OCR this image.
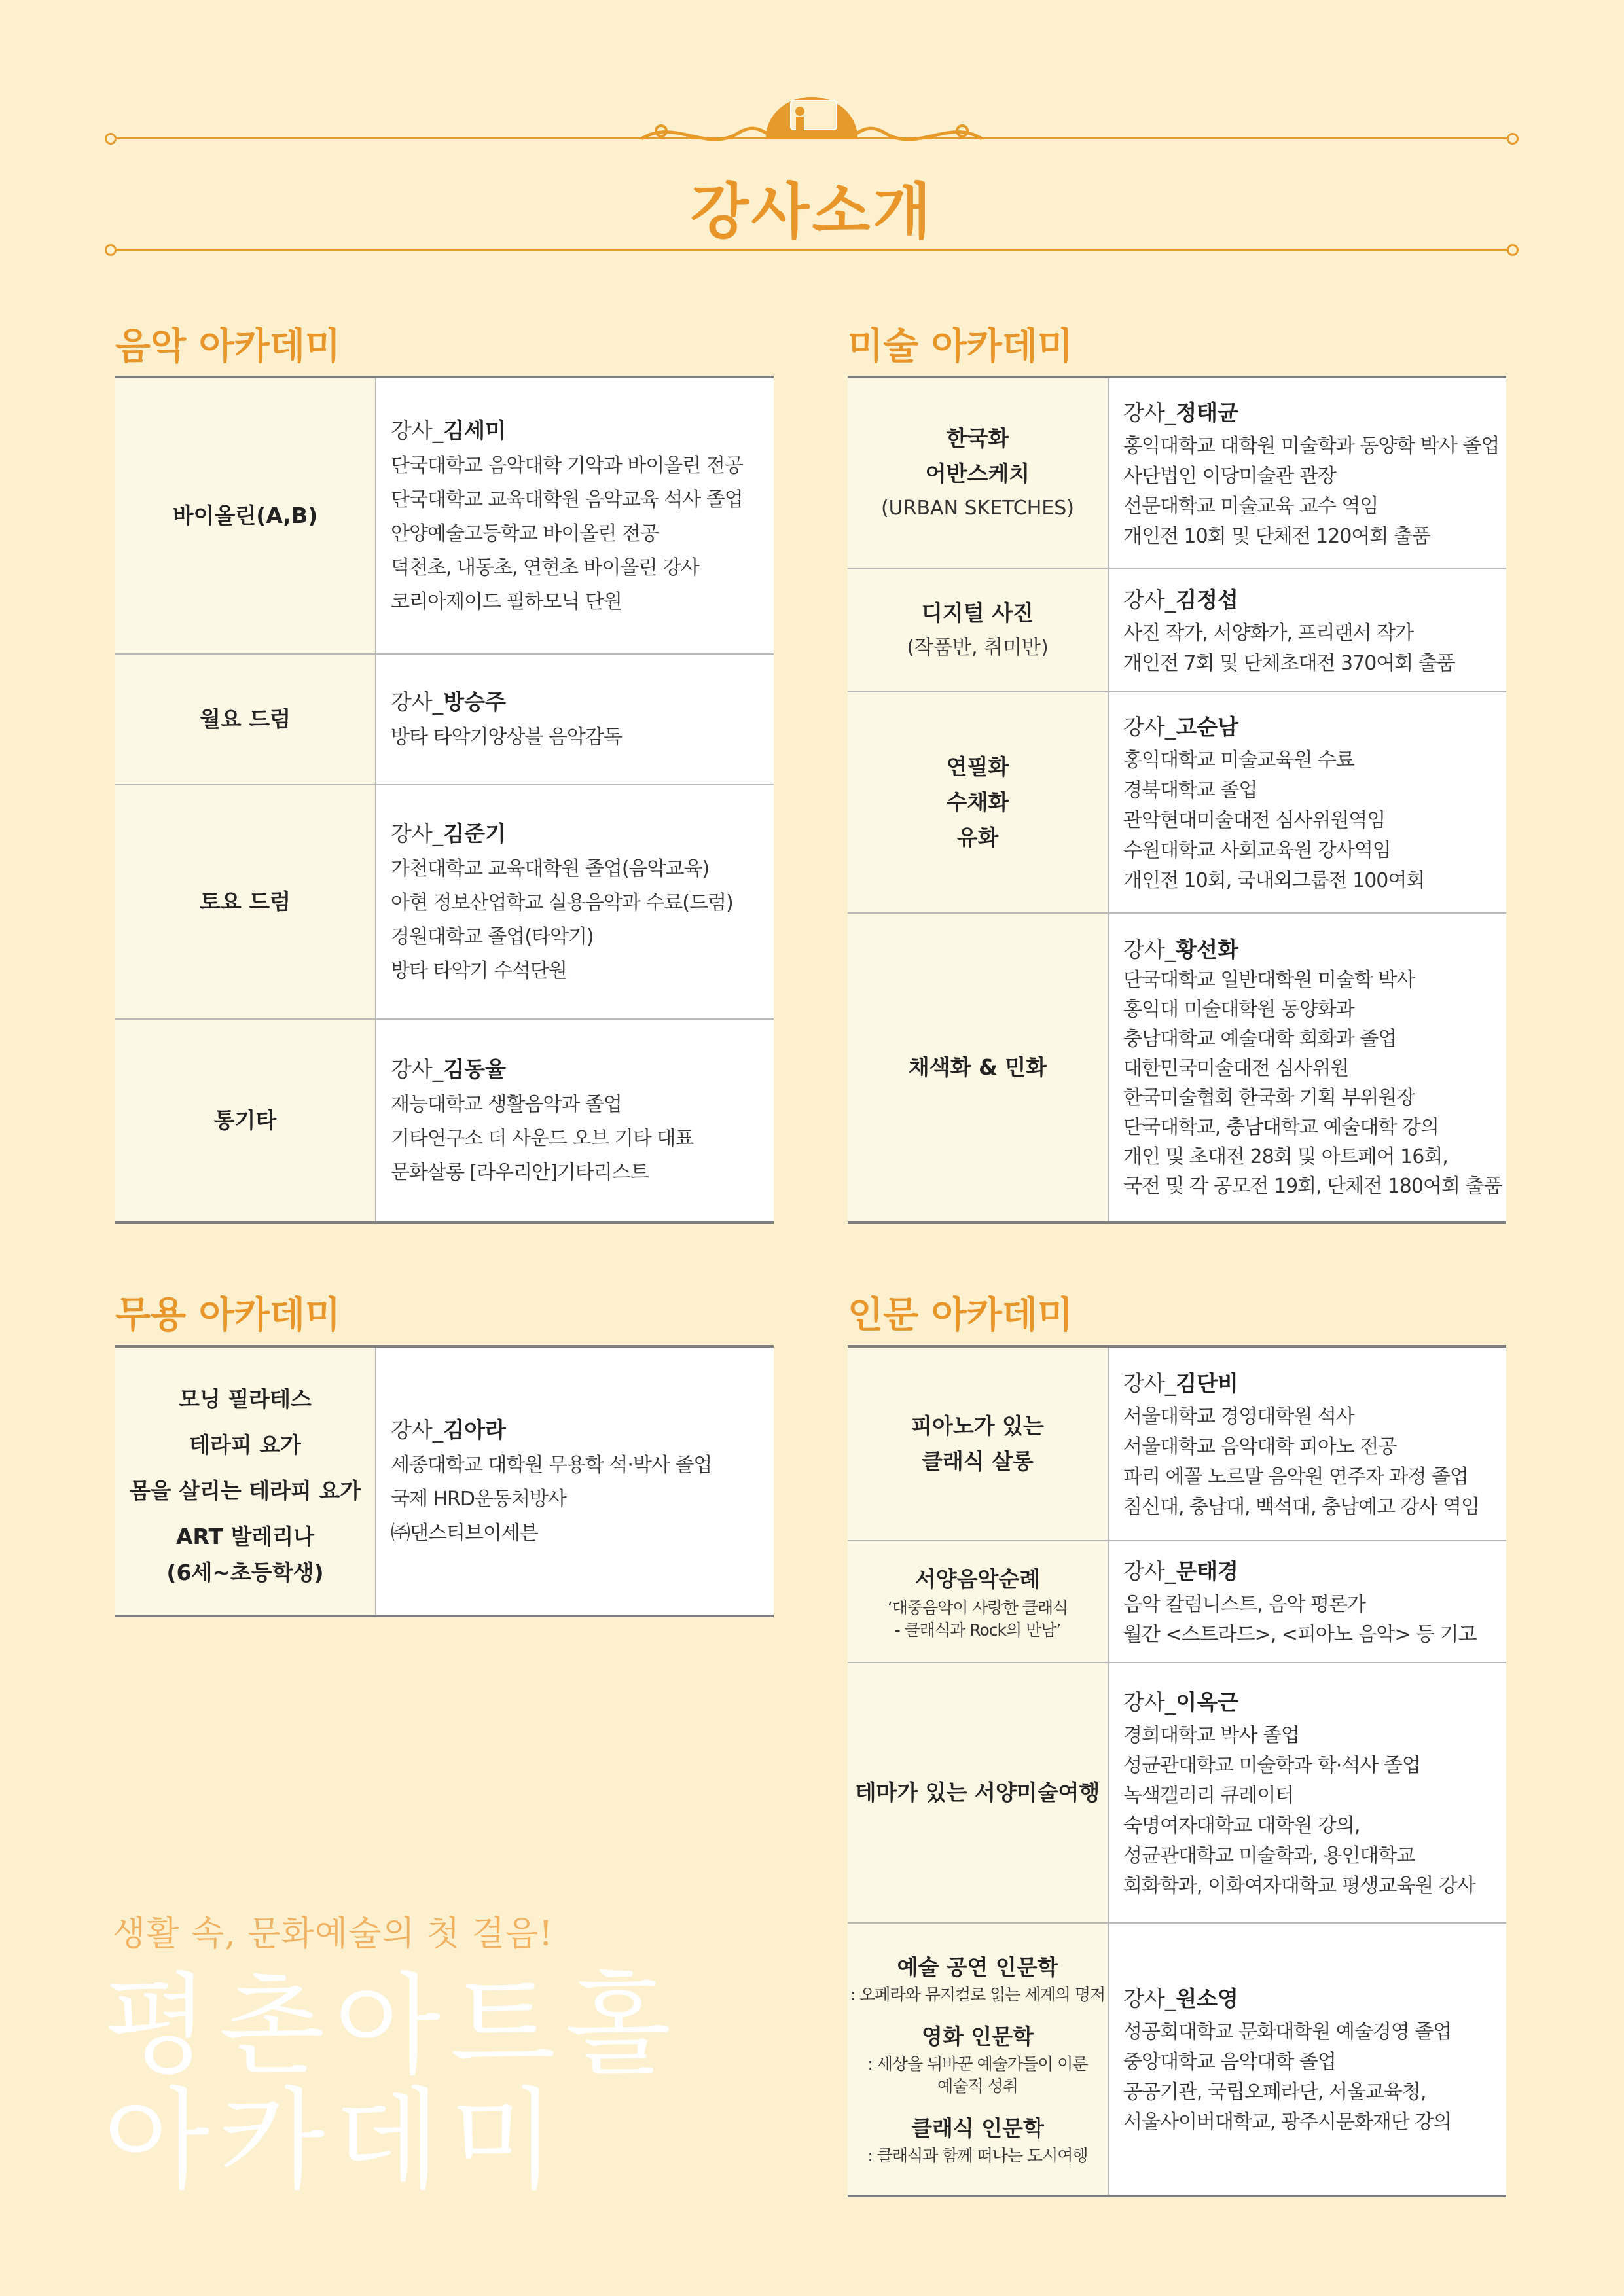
강사소개
음악 아카데미
바이올린(A,B)
강사_김세미
단국대학교 음악대학 기악과 바이올린 전공
단국대학교 교육대학원 음악교육 석사 졸업
안양예술고등학교 바이올린 전공
덕천초, 내동초, 연현초 바이올린 강사
코리아제이드 필하모닉 단원
월요 드럼
강사_방승주
방타 타악기앙상블 음악감독
토요 드럼
강사_김준기
가천대학교 교육대학원 졸업(음악교육)
아현 정보산업학교 실용음악과 수료(드럼)
경원대학교 졸업(타악기)
방타 타악기 수석단원
통기타
강사_김동율
재능대학교 생활음악과 졸업
기타연구소 더 사운드 오브 기타 대표
문화살롱 [라우리안]기타리스트
미술 아카데미
한국화
어반스케치
(URBAN SKETCHES)
강사_정태균
홍익대학교 대학원 미술학과 동양학 박사 졸업
사단법인 이당미술관 관장
선문대학교 미술교육 교수 역임
개인전 10회 및 단체전 120여회 출품
디지털 사진
(작품반, 취미반)
강사_김정섭
사진 작가, 서양화가, 프리랜서 작가
개인전 7회 및 단체초대전 370여회 출품
연필화
수채화
유화
강사_고순남
홍익대학교 미술교육원 수료
경북대학교 졸업
관악현대미술대전 심사위원역임
수원대학교 사회교육원 강사역임
개인전 10회, 국내외그룹전 100여회
채색화 & 민화
강사_황선화
단국대학교 일반대학원 미술학 박사
홍익대 미술대학원 동양화과
충남대학교 예술대학 회화과 졸업
대한민국미술대전 심사위원
한국미술협회 한국화 기획 부위원장
단국대학교, 충남대학교 예술대학 강의
개인 및 초대전 28회 및 아트페어 16회,
국전 및 각 공모전 19회, 단체전 180여회 출품
무용 아카데미
모닝 필라테스
테라피 요가
몸을 살리는 테라피 요가
ART 발레리나
(6세~초등학생)
강사_김아라
세종대학교 대학원 무용학 석·박사 졸업
국제 HRD운동처방사
㈜댄스티브이세븐
인문 아카데미
피아노가 있는
클래식 살롱
강사_김단비
서울대학교 경영대학원 석사
서울대학교 음악대학 피아노 전공
파리 에꼴 노르말 음악원 연주자 과정 졸업
침신대, 충남대, 백석대, 충남예고 강사 역임
서양음악순례
‘대중음악이 사랑한 클래식
- 클래식과 Rock의 만남’
강사_문태경
음악 칼럼니스트, 음악 평론가
월간 <스트라드>, <피아노 음악> 등 기고
테마가 있는 서양미술여행
강사_이옥근
경희대학교 박사 졸업
성균관대학교 미술학과 학·석사 졸업
녹색갤러리 큐레이터
숙명여자대학교 대학원 강의,
성균관대학교 미술학과, 용인대학교
회화학과, 이화여자대학교 평생교육원 강사
예술 공연 인문학
: 오페라와 뮤지컬로 읽는 세계의 명저
영화 인문학
: 세상을 뒤바꾼 예술가들이 이룬
예술적 성취
클래식 인문학
: 클래식과 함께 떠나는 도시여행
강사_원소영
성공회대학교 문화대학원 예술경영 졸업
중앙대학교 음악대학 졸업
공공기관, 국립오페라단, 서울교육청,
서울사이버대학교, 광주시문화재단 강의
생활 속, 문화예술의 첫 걸음!
평촌아트홀
아카데미
